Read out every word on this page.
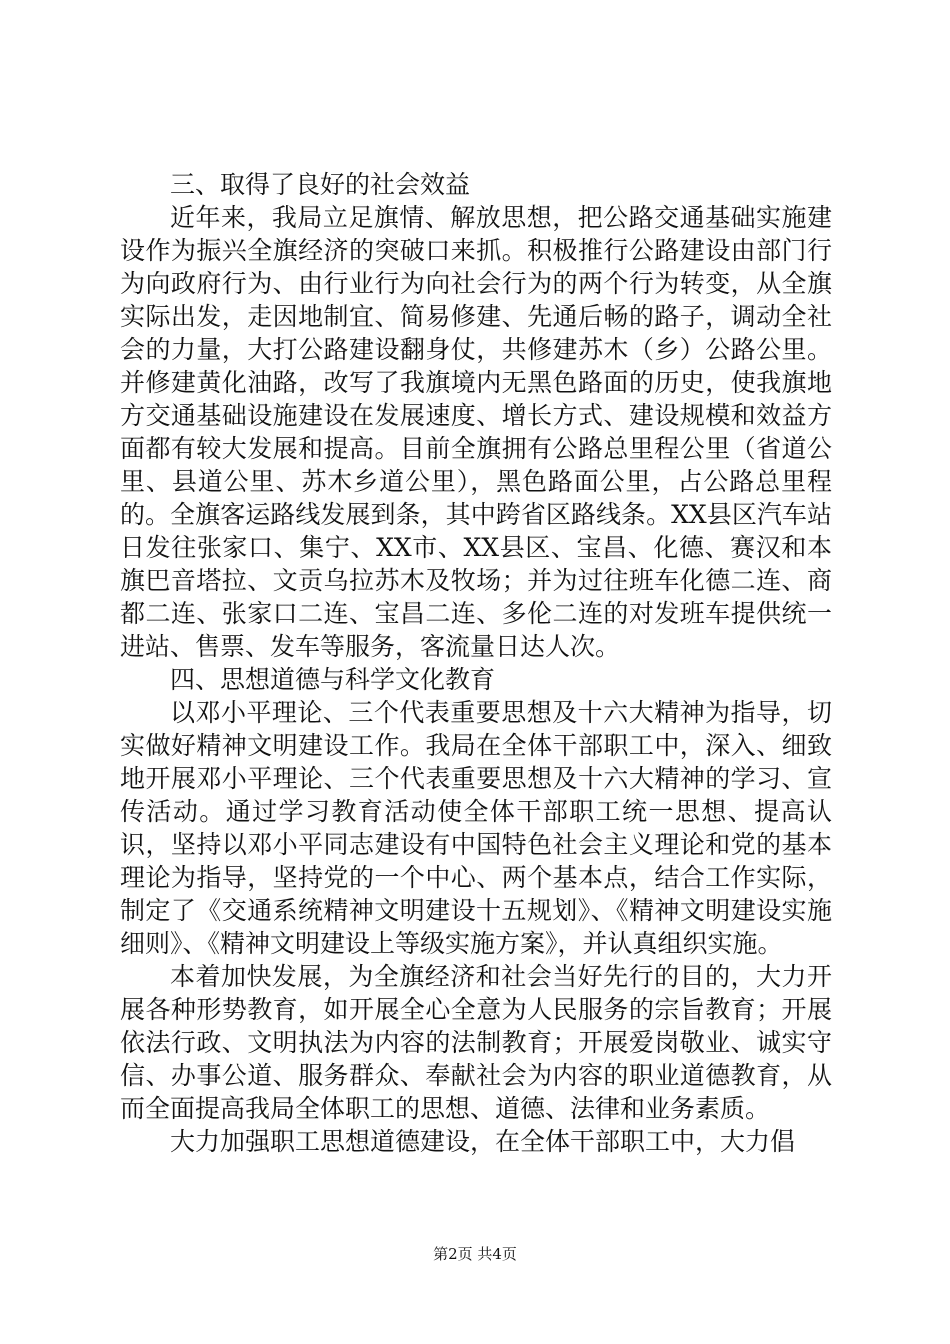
三、取得了良好的社会效益

近年来，我局立足旗情、解放思想，把公路交通基础实施建设作为振兴全旗经济的突破口来抓。积极推行公路建设由部门行为向政府行为、由行业行为向社会行为的两个行为转变，从全旗实际出发，走因地制宜、简易修建、先通后畅的路子，调动全社会的力量，大打公路建设翻身仗，共修建苏木（乡）公路公里。并修建黄化油路，改写了我旗境内无黑色路面的历史，使我旗地方交通基础设施建设在发展速度、增长方式、建设规模和效益方面都有较大发展和提高。目前全旗拥有公路总里程公里（省道公里、县道公里、苏木乡道公里），黑色路面公里，占公路总里程的。全旗客运路线发展到条，其中跨省区路线条。XX县区汽车站日发往张家口、集宁、XX市、XX县区、宝昌、化德、赛汉和本旗巴音塔拉、文贡乌拉苏木及牧场；并为过往班车化德二连、商都二连、张家口二连、宝昌二连、多伦二连的对发班车提供统一进站、售票、发车等服务，客流量日达人次。

四、思想道德与科学文化教育

以邓小平理论、三个代表重要思想及十六大精神为指导，切实做好精神文明建设工作。我局在全体干部职工中，深入、细致地开展邓小平理论、三个代表重要思想及十六大精神的学习、宣传活动。通过学习教育活动使全体干部职工统一思想、提高认识，坚持以邓小平同志建设有中国特色社会主义理论和党的基本理论为指导，坚持党的一个中心、两个基本点，结合工作实际，制定了《交通系统精神文明建设十五规划》、《精神文明建设实施细则》、《精神文明建设上等级实施方案》，并认真组织实施。

本着加快发展，为全旗经济和社会当好先行的目的，大力开展各种形势教育，如开展全心全意为人民服务的宗旨教育；开展依法行政、文明执法为内容的法制教育；开展爱岗敬业、诚实守信、办事公道、服务群众、奉献社会为内容的职业道德教育，从而全面提高我局全体职工的思想、道德、法律和业务素质。

大力加强职工思想道德建设，在全体干部职工中，大力倡

第2页 共4页
